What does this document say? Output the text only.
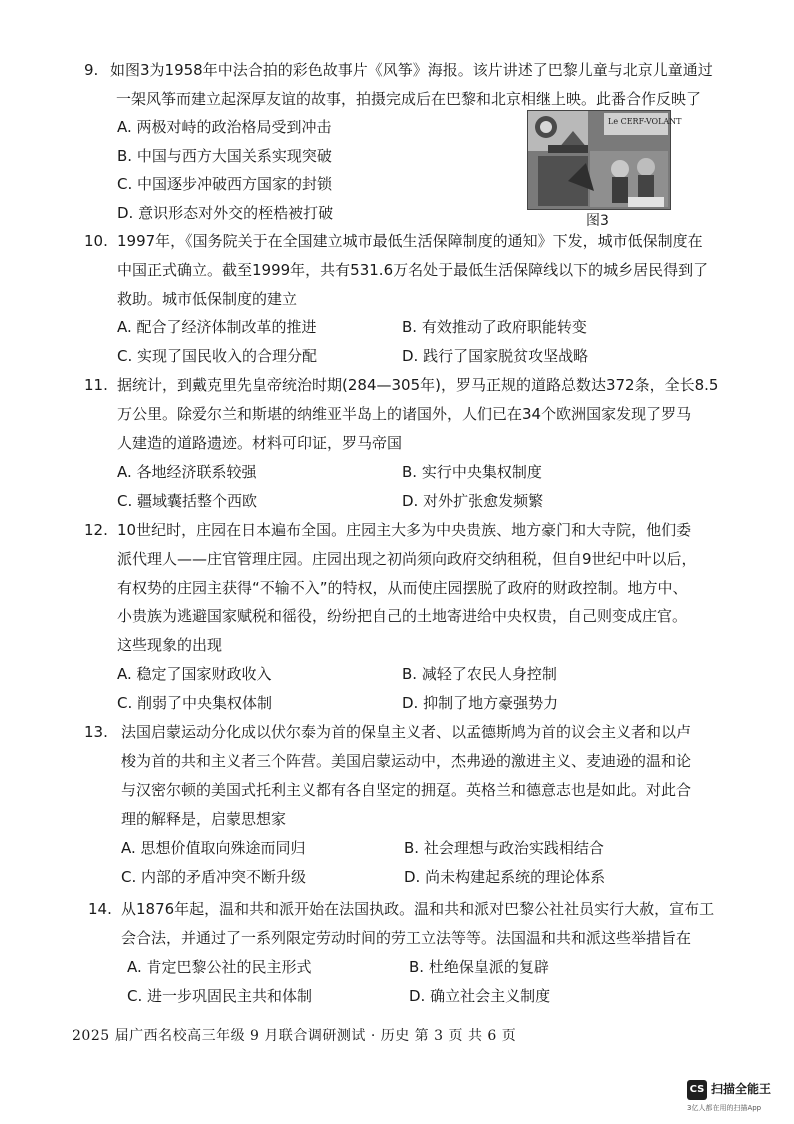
9. 如图3为1958年中法合拍的彩色故事片《风筝》海报。该片讲述了巴黎儿童与北京儿童通过
一架风筝而建立起深厚友谊的故事，拍摄完成后在巴黎和北京相继上映。此番合作反映了
A. 两极对峙的政治格局受到冲击
B. 中国与西方大国关系实现突破
C. 中国逐步冲破西方国家的封锁
D. 意识形态对外交的桎梏被打破
Le CERF-VOLANT
图3
10. 1997年，《国务院关于在全国建立城市最低生活保障制度的通知》下发，城市低保制度在
中国正式确立。截至1999年，共有531.6万名处于最低生活保障线以下的城乡居民得到了
救助。城市低保制度的建立
A. 配合了经济体制改革的推进	B. 有效推动了政府职能转变
C. 实现了国民收入的合理分配	D. 践行了国家脱贫攻坚战略
11. 据统计，到戴克里先皇帝统治时期(284—305年)，罗马正规的道路总数达372条，全长8.5
万公里。除爱尔兰和斯堪的纳维亚半岛上的诸国外，人们已在34个欧洲国家发现了罗马
人建造的道路遗迹。材料可印证，罗马帝国
A. 各地经济联系较强	B. 实行中央集权制度
C. 疆域囊括整个西欧	D. 对外扩张愈发频繁
12. 10世纪时，庄园在日本遍布全国。庄园主大多为中央贵族、地方豪门和大寺院，他们委
派代理人——庄官管理庄园。庄园出现之初尚须向政府交纳租税，但自9世纪中叶以后，
有权势的庄园主获得“不输不入”的特权，从而使庄园摆脱了政府的财政控制。地方中、
小贵族为逃避国家赋税和徭役，纷纷把自己的土地寄进给中央权贵，自己则变成庄官。
这些现象的出现
A. 稳定了国家财政收入	B. 减轻了农民人身控制
C. 削弱了中央集权体制	D. 抑制了地方豪强势力
13. 法国启蒙运动分化成以伏尔泰为首的保皇主义者、以孟德斯鸠为首的议会主义者和以卢
梭为首的共和主义者三个阵营。美国启蒙运动中，杰弗逊的激进主义、麦迪逊的温和论
与汉密尔顿的美国式托利主义都有各自坚定的拥趸。英格兰和德意志也是如此。对此合
理的解释是，启蒙思想家
A. 思想价值取向殊途而同归	B. 社会理想与政治实践相结合
C. 内部的矛盾冲突不断升级	D. 尚未构建起系统的理论体系
14. 从1876年起，温和共和派开始在法国执政。温和共和派对巴黎公社社员实行大赦，宣布工
会合法，并通过了一系列限定劳动时间的劳工立法等等。法国温和共和派这些举措旨在
A. 肯定巴黎公社的民主形式	B. 杜绝保皇派的复辟
C. 进一步巩固民主共和体制	D. 确立社会主义制度
2025 届广西名校高三年级 9 月联合调研测试 · 历史 第 3 页 共 6 页
CS 扫描全能王
3亿人都在用的扫描App
